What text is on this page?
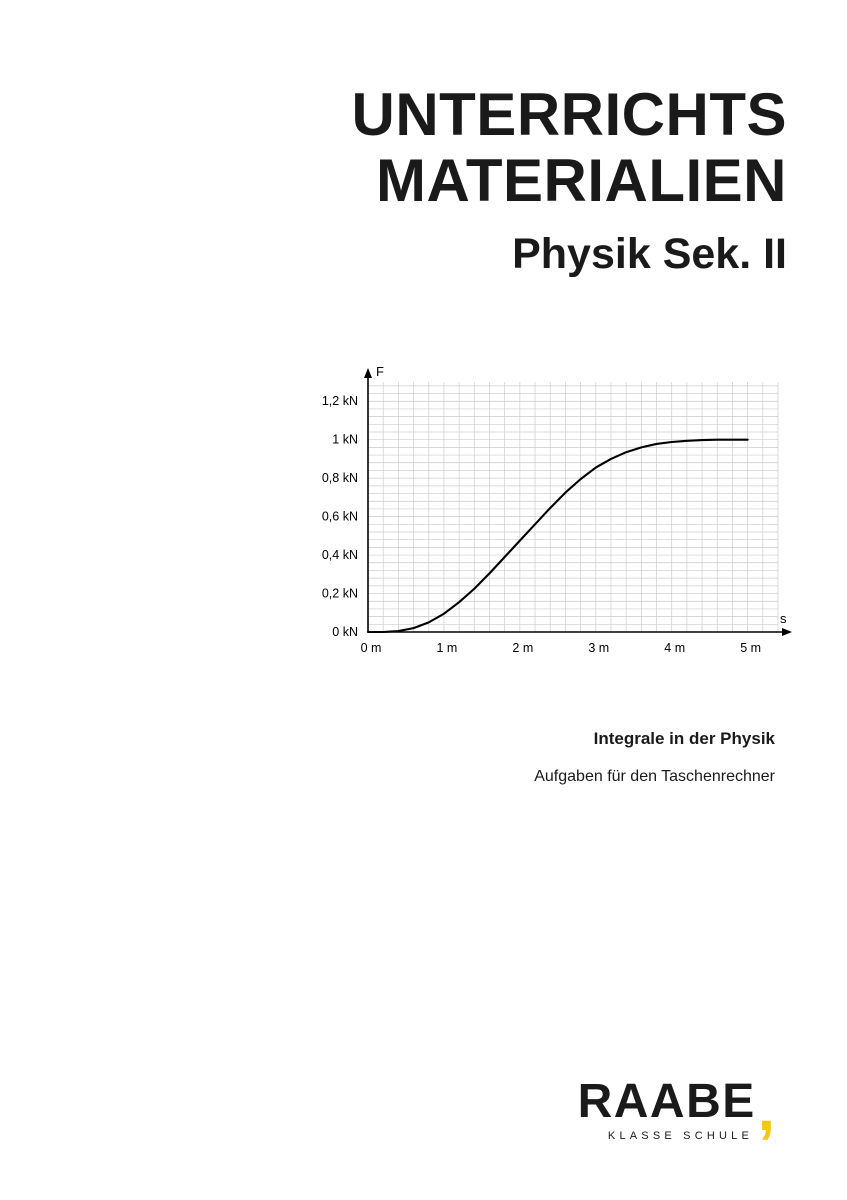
UNTERRICHTS
MATERIALIEN
Physik Sek. II
F
s
0 kN
0,2 kN
0,4 kN
0,6 kN
0,8 kN
1 kN
1,2 kN
0 m	1 m	2 m	3 m	4 m	5 m
Integrale in der Physik
Aufgaben für den Taschenrechner
RAABE ,
KLASSE SCHULE
